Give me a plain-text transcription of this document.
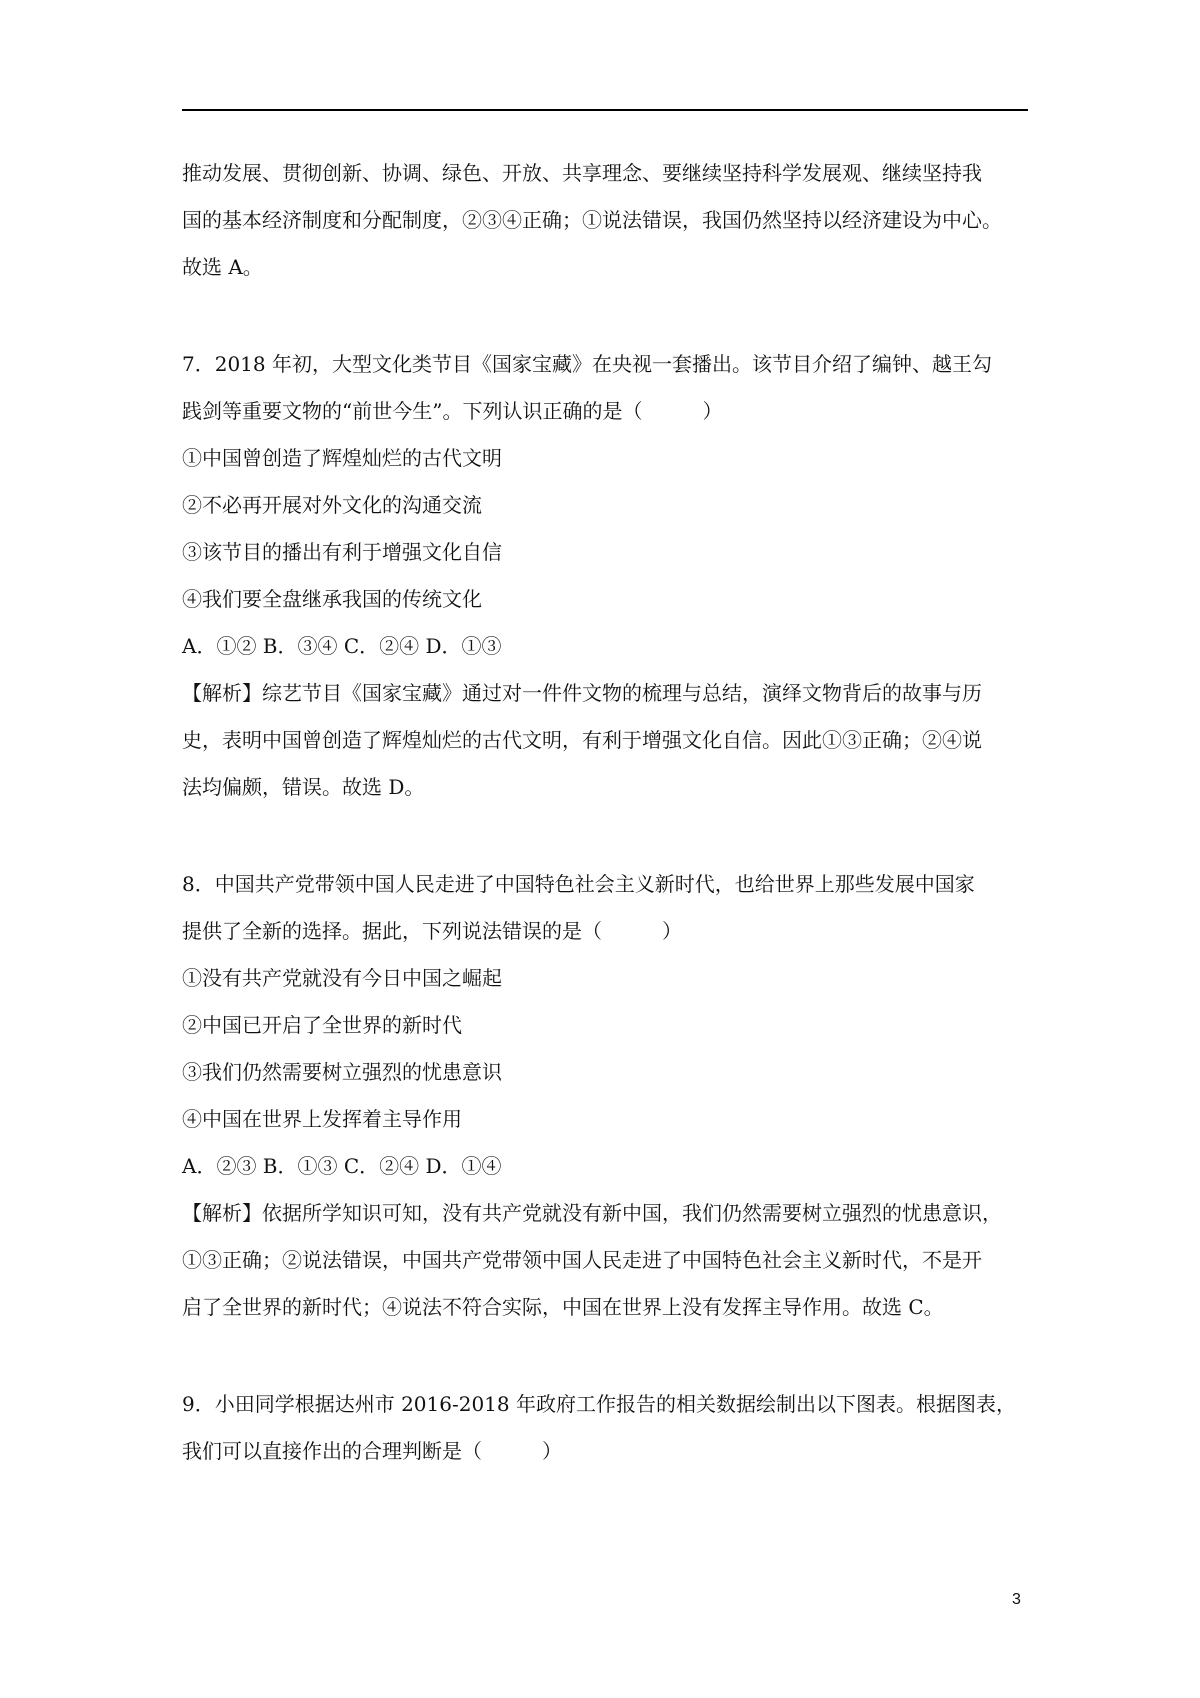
推动发展、贯彻创新、协调、绿色、开放、共享理念、要继续坚持科学发展观、继续坚持我
国的基本经济制度和分配制度，②③④正确；①说法错误，我国仍然坚持以经济建设为中心。
故选 A。
7．2018 年初，大型文化类节目《国家宝藏》在央视一套播出。该节目介绍了编钟、越王勾
践剑等重要文物的“前世今生”。下列认识正确的是（　　　）
①中国曾创造了辉煌灿烂的古代文明
②不必再开展对外文化的沟通交流
③该节目的播出有利于增强文化自信
④我们要全盘继承我国的传统文化
A．①② B．③④ C．②④ D．①③
【解析】综艺节目《国家宝藏》通过对一件件文物的梳理与总结，演绎文物背后的故事与历
史，表明中国曾创造了辉煌灿烂的古代文明，有利于增强文化自信。因此①③正确；②④说
法均偏颇，错误。故选 D。
8．中国共产党带领中国人民走进了中国特色社会主义新时代，也给世界上那些发展中国家
提供了全新的选择。据此，下列说法错误的是（　　　）
①没有共产党就没有今日中国之崛起
②中国已开启了全世界的新时代
③我们仍然需要树立强烈的忧患意识
④中国在世界上发挥着主导作用
A．②③ B．①③ C．②④ D．①④
【解析】依据所学知识可知，没有共产党就没有新中国，我们仍然需要树立强烈的忧患意识，
①③正确；②说法错误，中国共产党带领中国人民走进了中国特色社会主义新时代，不是开
启了全世界的新时代；④说法不符合实际，中国在世界上没有发挥主导作用。故选 C。
9．小田同学根据达州市 2016-2018 年政府工作报告的相关数据绘制出以下图表。根据图表，
我们可以直接作出的合理判断是（　　　）
3
